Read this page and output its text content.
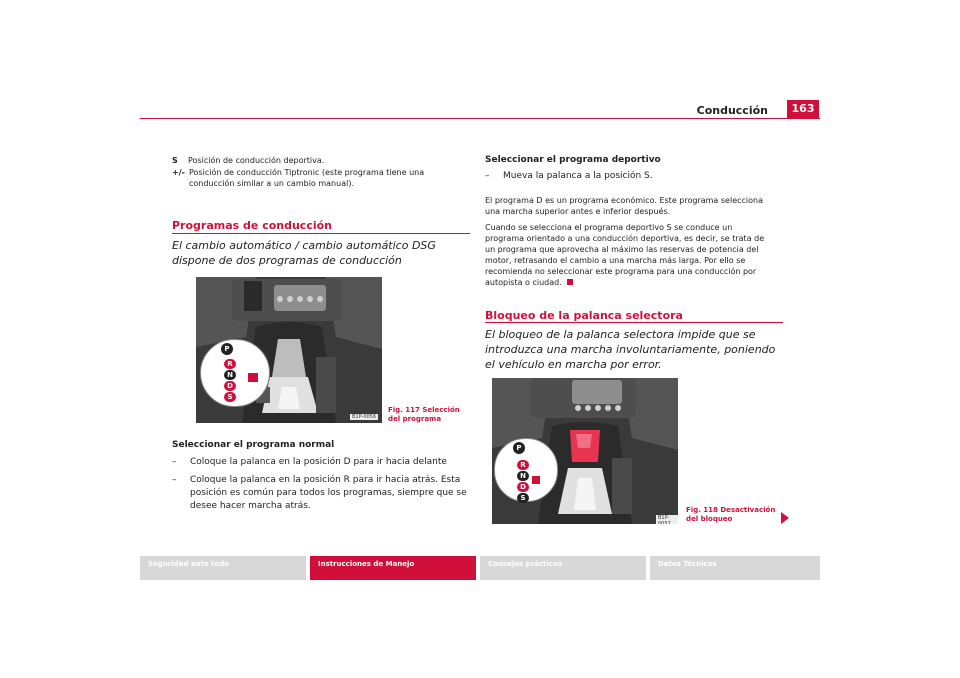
Conducción	163
S Posición de conducción deportiva.
+/- Posición de conducción Tiptronic (este programa tiene una conducción similar a un cambio manual).
Programas de conducción
El cambio automático / cambio automático DSG dispone de dos programas de conducción
P
R
N
D
S
B1P-0056
Fig. 117 Selección del programa
Seleccionar el programa normal
–	Coloque la palanca en la posición D para ir hacia delante
–	Coloque la palanca en la posición R para ir hacia atrás. Esta posición es común para todos los programas, siempre que se desee hacer marcha atrás.
Seleccionar el programa deportivo
–	Mueva la palanca a la posición S.
El programa D es un programa económico. Este programa selecciona una marcha superior antes e inferior después.
Cuando se selecciona el programa deportivo S se conduce un programa orientado a una conducción deportiva, es decir, se trata de un programa que aprovecha al máximo las reservas de potencia del motor, retrasando el cambio a una marcha más larga. Por ello se recomienda no seleccionar este programa para una conducción por autopista o ciudad.
Bloqueo de la palanca selectora
El bloqueo de la palanca selectora impide que se introduzca una marcha involuntariamente, poniendo el vehículo en marcha por error.
P
R
N
D
S
B1P-0057
Fig. 118 Desactivación del bloqueo
Seguridad ante todo	Instrucciones de Manejo	Consejos prácticos	Datos Técnicos
